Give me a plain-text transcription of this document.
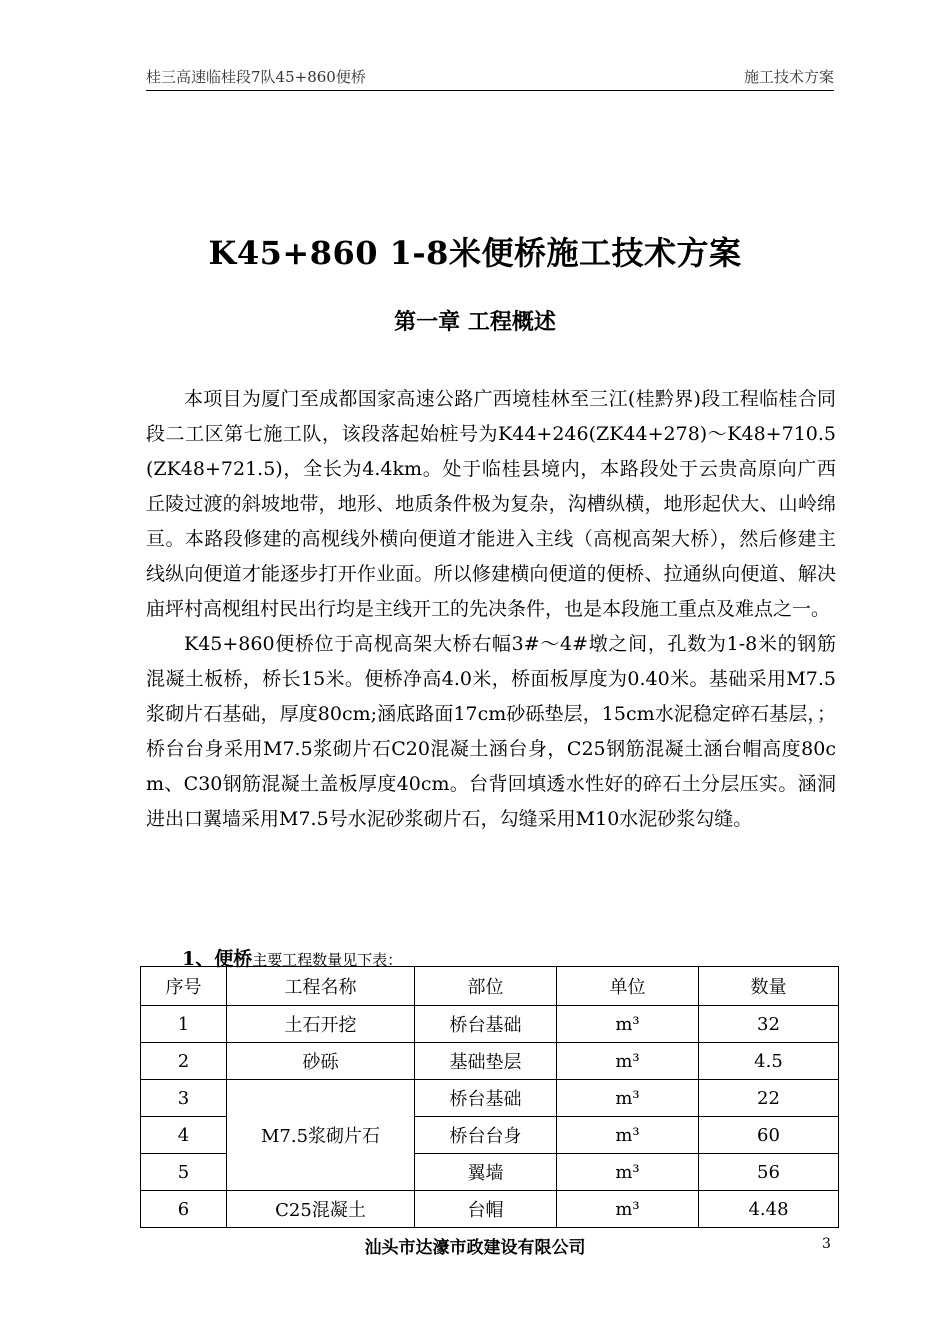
桂三高速临桂段7队45+860便桥	施工技术方案
K45+860 1-8米便桥施工技术方案
第一章 工程概述

本项目为厦门至成都国家高速公路广西境桂林至三江(桂黔界)段工程临桂合同段二工区第七施工队，该段落起始桩号为K44+246(ZK44+278)～K48+710.5(ZK48+721.5)，全长为4.4km。处于临桂县境内，本路段处于云贵高原向广西丘陵过渡的斜坡地带，地形、地质条件极为复杂，沟槽纵横，地形起伏大、山岭绵亘。本路段修建的高枧线外横向便道才能进入主线（高枧高架大桥），然后修建主线纵向便道才能逐步打开作业面。所以修建横向便道的便桥、拉通纵向便道、解决庙坪村高枧组村民出行均是主线开工的先决条件，也是本段施工重点及难点之一。

K45+860便桥位于高枧高架大桥右幅3#～4#墩之间，孔数为1-8米的钢筋混凝土板桥，桥长15米。便桥净高4.0米，桥面板厚度为0.40米。基础采用M7.5浆砌片石基础，厚度80cm;涵底路面17cm砂砾垫层，15cm水泥稳定碎石基层，； 桥台台身采用M7.5浆砌片石C20混凝土涵台身，C25钢筋混凝土涵台帽高度80cm、C30钢筋混凝土盖板厚度40cm。台背回填透水性好的碎石土分层压实。涵洞进出口翼墙采用M7.5号水泥砂浆砌片石，勾缝采用M10水泥砂浆勾缝。

1、便桥主要工程数量见下表：
序号	工程名称	部位	单位	数量
1	土石开挖	桥台基础	m³	32
2	砂砾	基础垫层	m³	4.5
3	M7.5浆砌片石	桥台基础	m³	22
4		桥台台身	m³	60
5		翼墙	m³	56
6	C25混凝土	台帽	m³	4.48
汕头市达濠市政建设有限公司	3
